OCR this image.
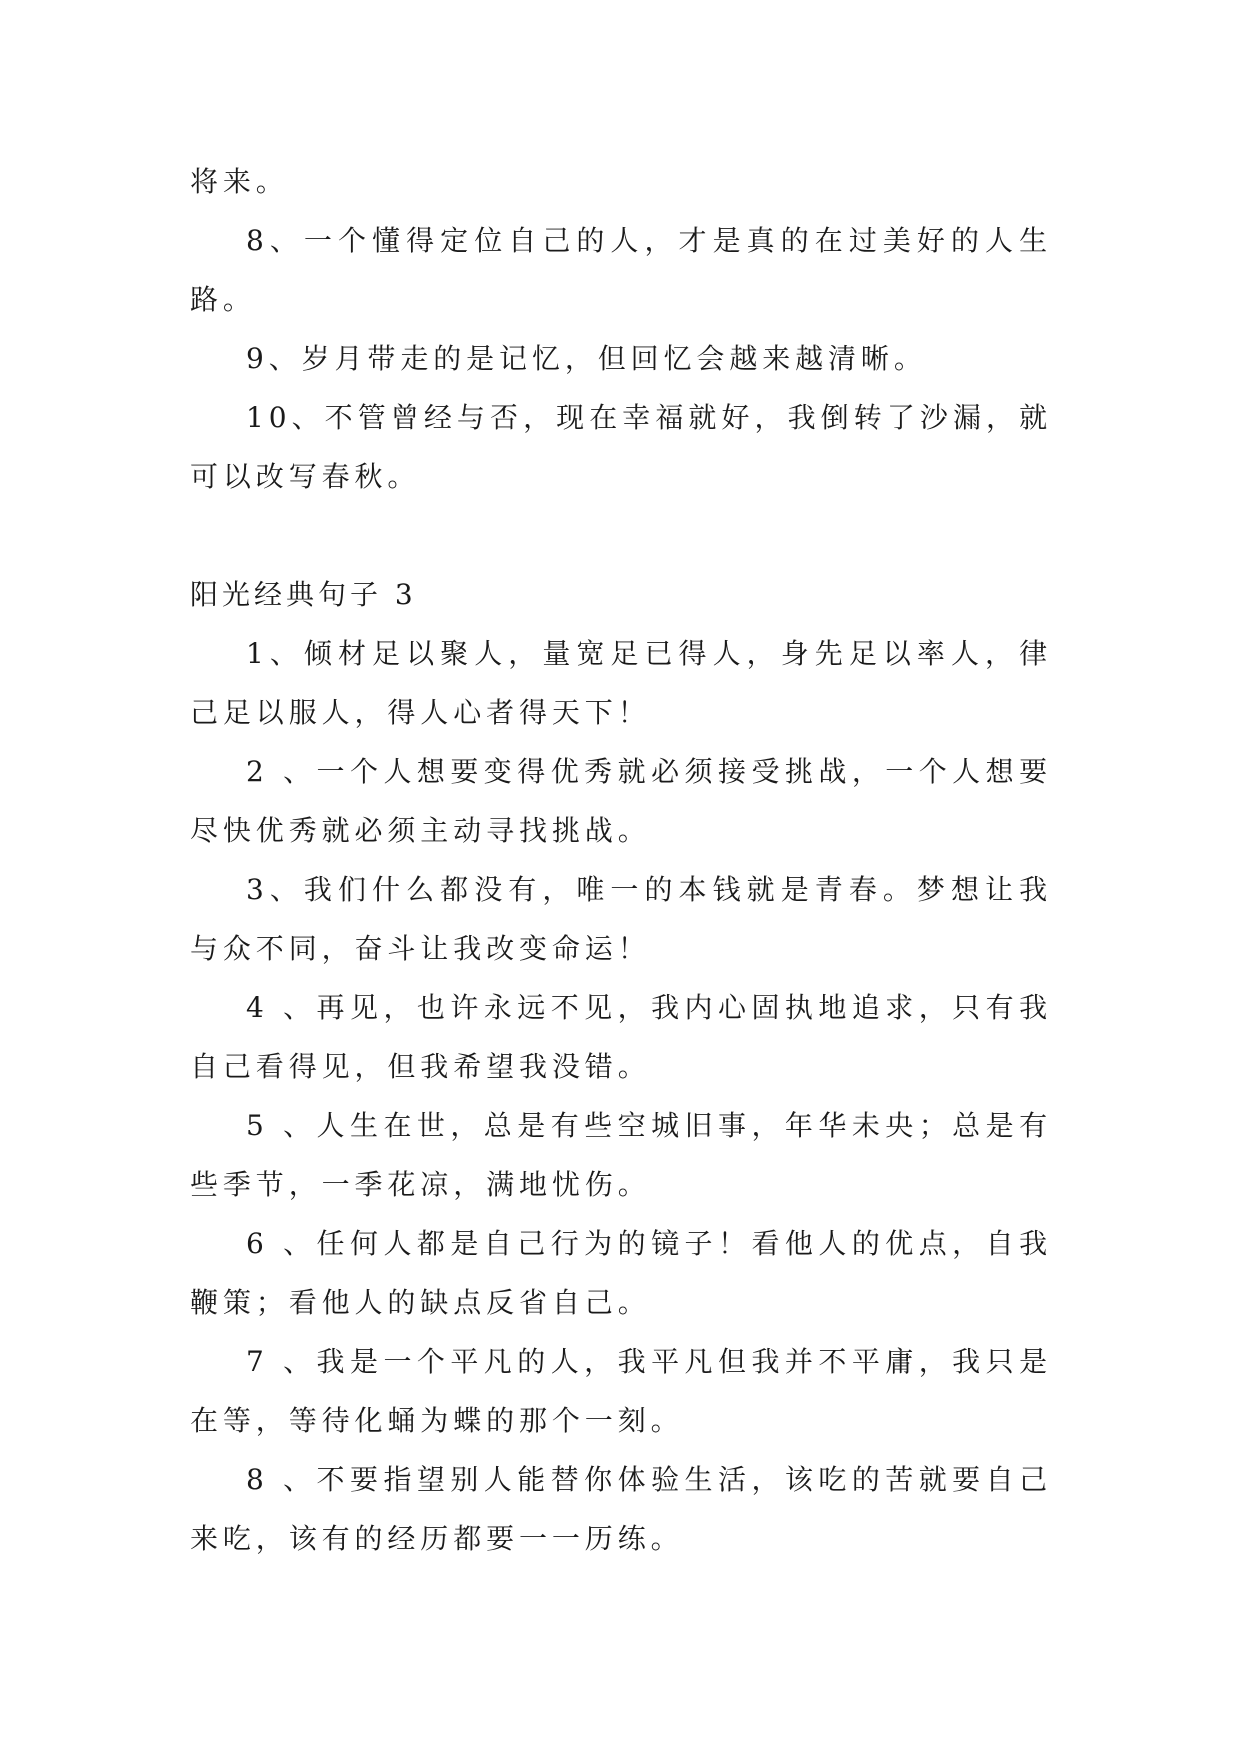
将来。

8、一个懂得定位自己的人，才是真的在过美好的人生路。

9、岁月带走的是记忆，但回忆会越来越清晰。

10、不管曾经与否，现在幸福就好，我倒转了沙漏，就可以改写春秋。

阳光经典句子 3

1、倾材足以聚人，量宽足已得人，身先足以率人，律己足以服人，得人心者得天下！

2 、一个人想要变得优秀就必须接受挑战，一个人想要尽快优秀就必须主动寻找挑战。

3、我们什么都没有，唯一的本钱就是青春。梦想让我与众不同，奋斗让我改变命运！

4 、再见，也许永远不见，我内心固执地追求，只有我自己看得见，但我希望我没错。

5 、人生在世，总是有些空城旧事，年华未央；总是有些季节，一季花凉，满地忧伤。

6 、任何人都是自己行为的镜子！看他人的优点，自我鞭策；看他人的缺点反省自己。

7 、我是一个平凡的人，我平凡但我并不平庸，我只是在等，等待化蛹为蝶的那个一刻。

8 、不要指望别人能替你体验生活，该吃的苦就要自己来吃，该有的经历都要一一历练。
